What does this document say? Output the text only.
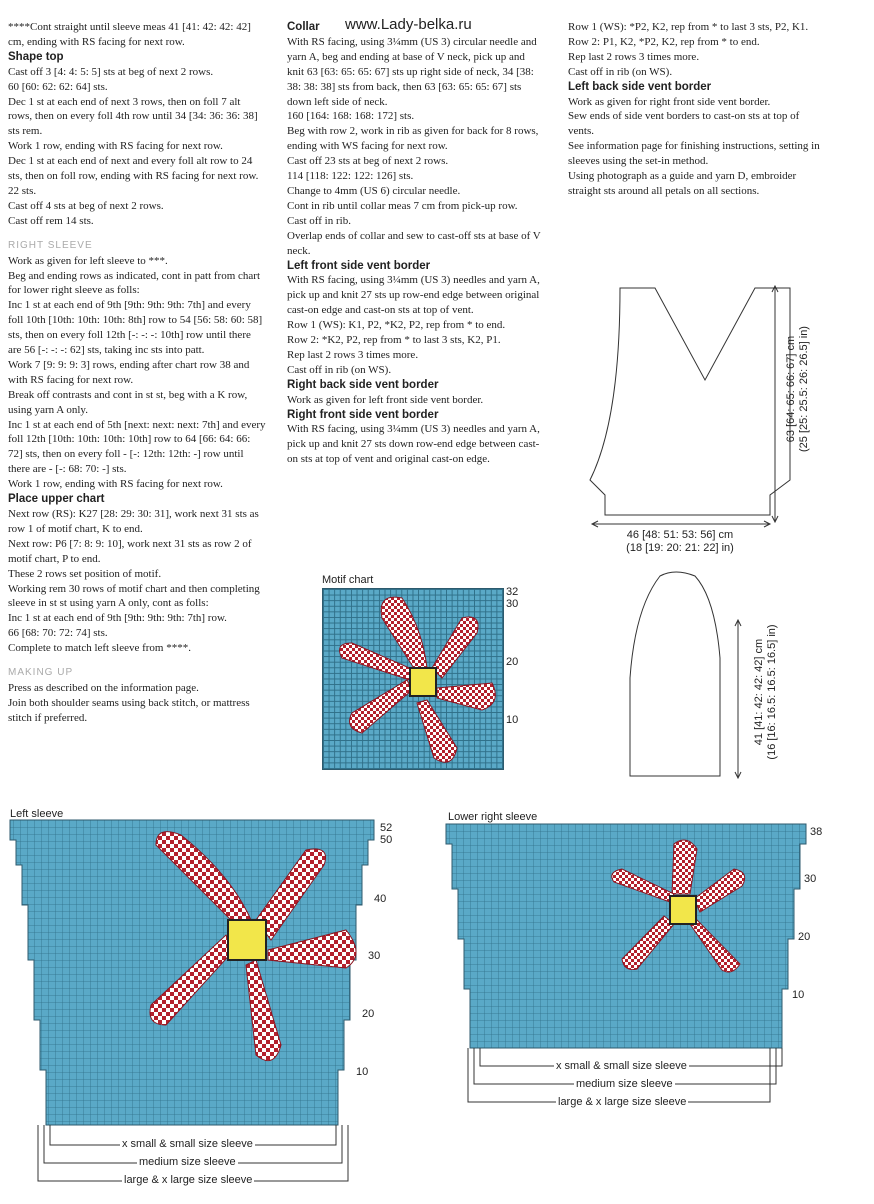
www.Lady-belka.ru

****Cont straight until sleeve meas 41 [41: 42: 42: 42] cm, ending with RS facing for next row.

Shape top

Cast off 3 [4: 4: 5: 5] sts at beg of next 2 rows.

60 [60: 62: 62: 64] sts.

Dec 1 st at each end of next 3 rows, then on foll 7 alt rows, then on every foll 4th row until 34 [34: 36: 36: 38] sts rem.

Work 1 row, ending with RS facing for next row.

Dec 1 st at each end of next and every foll alt row to 24 sts, then on foll row, ending with RS facing for next row. 22 sts.

Cast off 4 sts at beg of next 2 rows.

Cast off rem 14 sts.

RIGHT SLEEVE

Work as given for left sleeve to ***.

Beg and ending rows as indicated, cont in patt from chart for lower right sleeve as folls:

Inc 1 st at each end of 9th [9th: 9th: 9th: 7th] and every foll 10th [10th: 10th: 10th: 8th] row to 54 [56: 58: 60: 58] sts, then on every foll 12th [-: -: -: 10th] row until there are 56 [-: -: -: 62] sts, taking inc sts into patt.

Work 7 [9: 9: 9: 3] rows, ending after chart row 38 and with RS facing for next row.

Break off contrasts and cont in st st, beg with a K row, using yarn A only.

Inc 1 st at each end of 5th [next: next: next: 7th] and every foll 12th [10th: 10th: 10th: 10th] row to 64 [66: 64: 66: 72] sts, then on every foll - [-: 12th: 12th: -] row until there are - [-: 68: 70: -] sts.

Work 1 row, ending with RS facing for next row.

Place upper chart

Next row (RS): K27 [28: 29: 30: 31], work next 31 sts as row 1 of motif chart, K to end.

Next row: P6 [7: 8: 9: 10], work next 31 sts as row 2 of motif chart, P to end.

These 2 rows set position of motif.

Working rem 30 rows of motif chart and then completing sleeve in st st using yarn A only, cont as folls:

Inc 1 st at each end of 9th [9th: 9th: 9th: 7th] row.

66 [68: 70: 72: 74] sts.

Complete to match left sleeve from ****.

MAKING UP

Press as described on the information page.

Join both shoulder seams using back stitch, or mattress stitch if preferred.

Collar

With RS facing, using 3¼mm (US 3) circular needle and yarn A, beg and ending at base of V neck, pick up and knit 63 [63: 65: 65: 67] sts up right side of neck, 34 [38: 38: 38: 38] sts from back, then 63 [63: 65: 65: 67] sts down left side of neck.

160 [164: 168: 168: 172] sts.

Beg with row 2, work in rib as given for back for 8 rows, ending with WS facing for next row.

Cast off 23 sts at beg of next 2 rows.

114 [118: 122: 122: 126] sts.

Change to 4mm (US 6) circular needle.

Cont in rib until collar meas 7 cm from pick-up row.

Cast off in rib.

Overlap ends of collar and sew to cast-off sts at base of V neck.

Left front side vent border

With RS facing, using 3¼mm (US 3) needles and yarn A, pick up and knit 27 sts up row-end edge between original cast-on edge and cast-on sts at top of vent.

Row 1 (WS): K1, P2, *K2, P2, rep from * to end.

Row 2: *K2, P2, rep from * to last 3 sts, K2, P1.

Rep last 2 rows 3 times more.

Cast off in rib (on WS).

Right back side vent border

Work as given for left front side vent border.

Right front side vent border

With RS facing, using 3¼mm (US 3) needles and yarn A, pick up and knit 27 sts down row-end edge between cast-on sts at top of vent and original cast-on edge.

Row 1 (WS): *P2, K2, rep from * to last 3 sts, P2, K1.

Row 2: P1, K2, *P2, K2, rep from * to end.

Rep last 2 rows 3 times more.

Cast off in rib (on WS).

Left back side vent border

Work as given for right front side vent border.

Sew ends of side vent borders to cast-on sts at top of vents.

See information page for finishing instructions, setting in sleeves using the set-in method.

Using photograph as a guide and yarn D, embroider straight sts around all petals on all sections.

63 [64: 65: 66: 67] cm (25 [25: 25.5: 26: 26.5] in)
46 [48: 51: 53: 56] cm
(18 [19: 20: 21: 22] in)
41 [41: 42: 42: 42] cm (16 [16: 16.5: 16.5: 16.5] in)
Motif chart
32
30
20
10
Left sleeve
52
50
40
30
20
10
x small & small size sleeve
medium size sleeve
large & x large size sleeve
Lower right sleeve
38
30
20
10
x small & small size sleeve
medium size sleeve
large & x large size sleeve
